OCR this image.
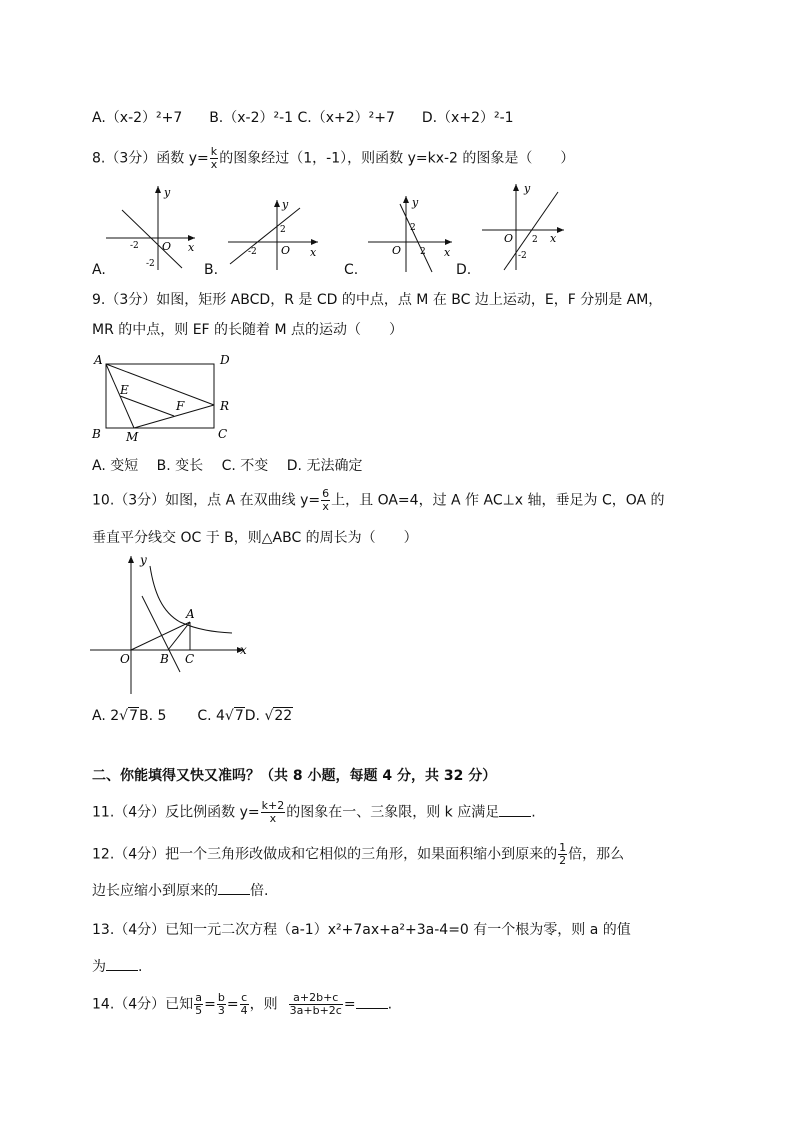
A.（x-2）²+7 B.（x-2）²-1 C.（x+2）²+7 D.（x+2）²-1
8.（3分）函数 $y= \frac{k}{x}$ 的图象经过（1，-1），则函数 y=kx-2 的图象是（　　）
y
x
O
-2
-2
A.
y
x
O
2
-2
B.
y
x
O
2
2
C.
y
x
O 2
-2
D.
9.（3分）如图，矩形 ABCD，R 是 CD 的中点，点 M 在 BC 边上运动，E，F 分别是 AM，
MR 的中点，则 EF 的长随着 M 点的运动（　　）
A	D
B	C
E
F	R
M
A. 变短　 B. 变长　 C. 不变　 D. 无法确定
10.（3分）如图，点 A 在双曲线 $y= \frac{6}{x}$ 上，且 OA=4，过 A 作 AC⊥x 轴，垂足为 C，OA 的
垂直平分线交 OC 于 B，则△ABC 的周长为（　　）
y
x
O
A
B C
A. 2√7B. 5 C. 4√7D. √22
二、你能填得又快又准吗？（共 8 小题，每题 4 分，共 32 分）
11.（4分）反比例函数 $y= \frac{k+2}{x}$ 的图象在一、三象限，则 k 应满足 .
12.（4分）把一个三角形改做成和它相似的三角形，如果面积缩小到原来的 $\frac{1}{2}$ 倍，那么
边长应缩小到原来的 倍.
13.（4分）已知一元二次方程（a-1）x²+7ax+a²+3a-4=0 有一个根为零，则 a 的值
为 .
14.（4分）已知 $\frac{a}{5} = \frac{b}{3} = \frac{c}{4}$ ，则 $\frac{a+2b+c}{3a+b+2c}$ = .
